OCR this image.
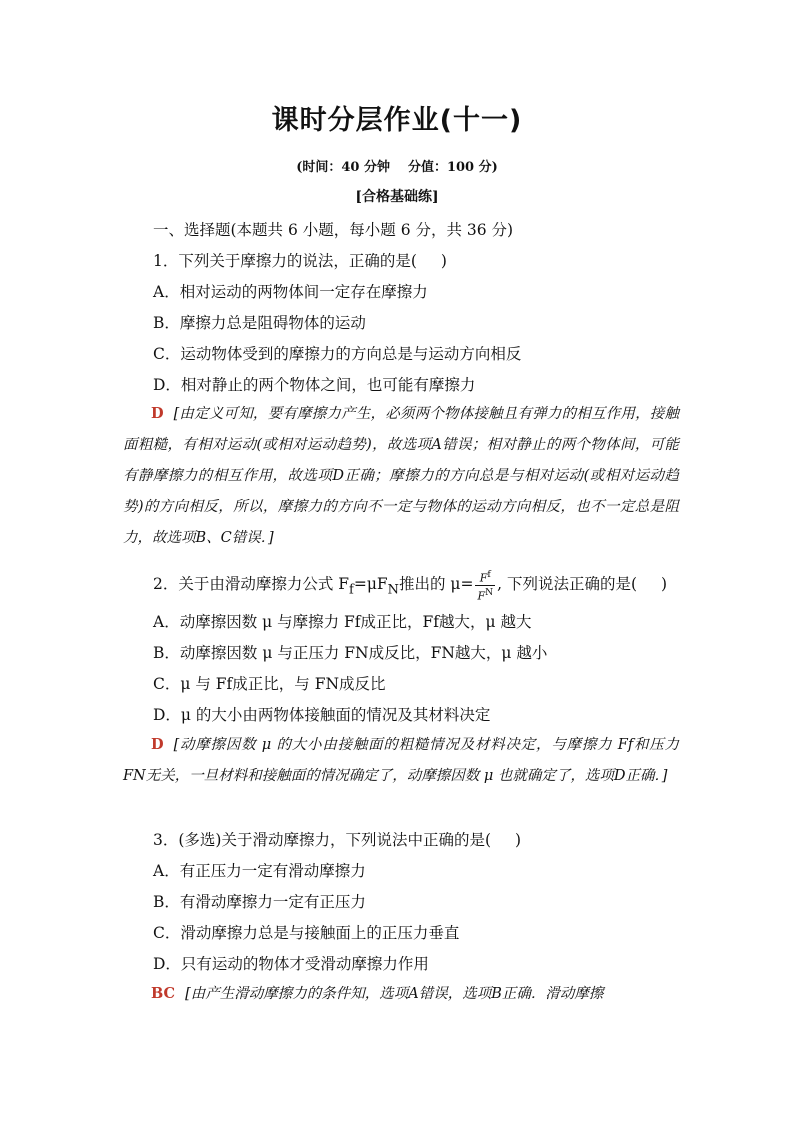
课时分层作业(十一)
(时间：40 分钟 分值：100 分)
[合格基础练]
一、选择题(本题共 6 小题，每小题 6 分，共 36 分)
1．下列关于摩擦力的说法，正确的是( )
A．相对运动的两物体间一定存在摩擦力
B．摩擦力总是阻碍物体的运动
C．运动物体受到的摩擦力的方向总是与运动方向相反
D．相对静止的两个物体之间，也可能有摩擦力
D [由定义可知，要有摩擦力产生，必须两个物体接触且有弹力的相互作用，接触面粗糙，有相对运动(或相对运动趋势)，故选项A错误；相对静止的两个物体间，可能有静摩擦力的相互作用，故选项D正确；摩擦力的方向总是与相对运动(或相对运动趋势)的方向相反，所以，摩擦力的方向不一定与物体的运动方向相反，也不一定总是阻力，故选项B、C错误．]
2．关于由滑动摩擦力公式 $F_f=\mu F_N$推出的 $\mu= \frac{F^f}{F^N}$ , 下列说法正确的是( )
A．动摩擦因数 μ 与摩擦力 Ff成正比，Ff越大，μ 越大
B．动摩擦因数 μ 与正压力 FN成反比，FN越大，μ 越小
C．μ 与 Ff成正比，与 FN成反比
D．μ 的大小由两物体接触面的情况及其材料决定
D [动摩擦因数 μ 的大小由接触面的粗糙情况及材料决定，与摩擦力 Ff和压力 FN无关，一旦材料和接触面的情况确定了，动摩擦因数 μ 也就确定了，选项D正确．]
3．(多选)关于滑动摩擦力，下列说法中正确的是( )
A．有正压力一定有滑动摩擦力
B．有滑动摩擦力一定有正压力
C．滑动摩擦力总是与接触面上的正压力垂直
D．只有运动的物体才受滑动摩擦力作用
BC [由产生滑动摩擦力的条件知，选项A错误，选项B正确．滑动摩擦
